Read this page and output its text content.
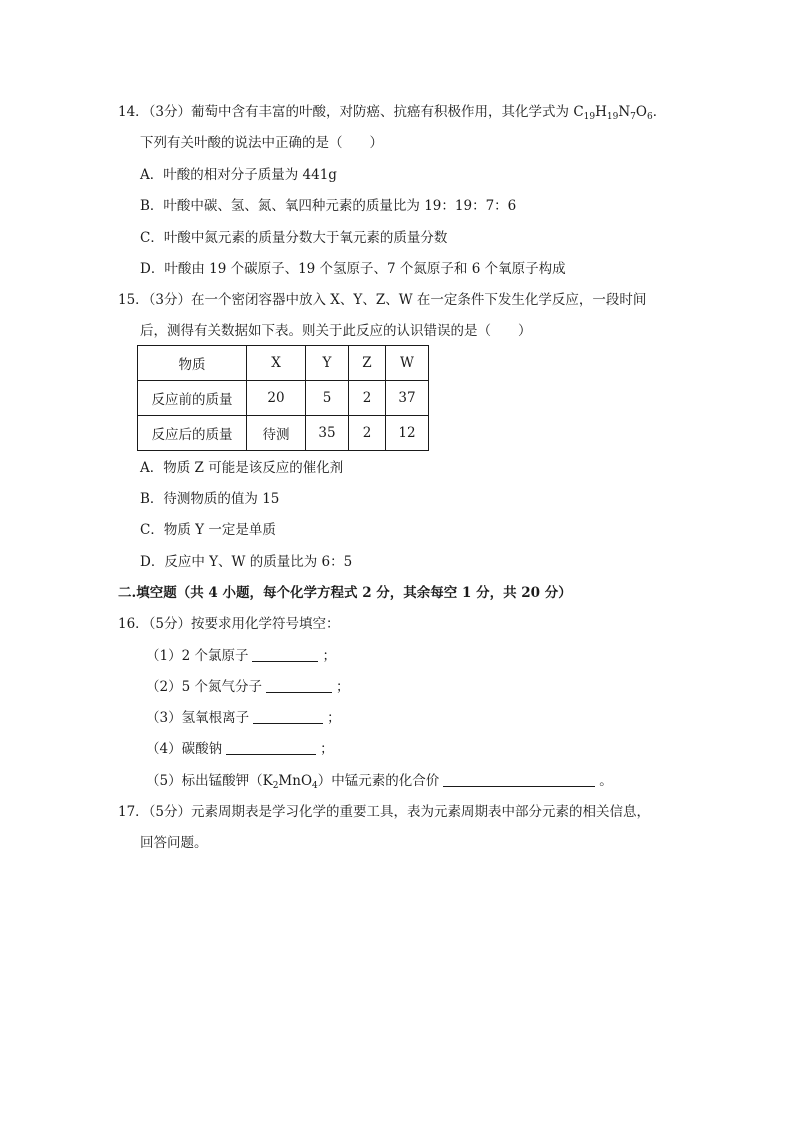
14．（3分）葡萄中含有丰富的叶酸，对防癌、抗癌有积极作用，其化学式为 $C_{19}H_{19}N_7O_6$．
下列有关叶酸的说法中正确的是（　　）
A．叶酸的相对分子质量为 441g
B．叶酸中碳、氢、氮、氧四种元素的质量比为 19：19：7：6
C．叶酸中氮元素的质量分数大于氧元素的质量分数
D．叶酸由 19 个碳原子、19 个氢原子、7 个氮原子和 6 个氧原子构成
15．（3分）在一个密闭容器中放入 X、Y、Z、W 在一定条件下发生化学反应，一段时间
后，测得有关数据如下表。则关于此反应的认识错误的是（　　）
物质	X	Y	Z	W
反应前的质量	20	5	2	37
反应后的质量	待测	35	2	12
A．物质 Z 可能是该反应的催化剂
B．待测物质的值为 15
C．物质 Y 一定是单质
D．反应中 Y、W 的质量比为 6：5
二.填空题（共 4 小题，每个化学方程式 2 分，其余每空 1 分，共 20 分）
16．（5分）按要求用化学符号填空：
（1）2 个氯原子	；
（2）5 个氮气分子	；
（3）氢氧根离子	；
（4）碳酸钠	；
（5）标出锰酸钾$(K_2MnO_4)$中锰元素的化合价	。
17．（5分）元素周期表是学习化学的重要工具，表为元素周期表中部分元素的相关信息，
回答问题。
